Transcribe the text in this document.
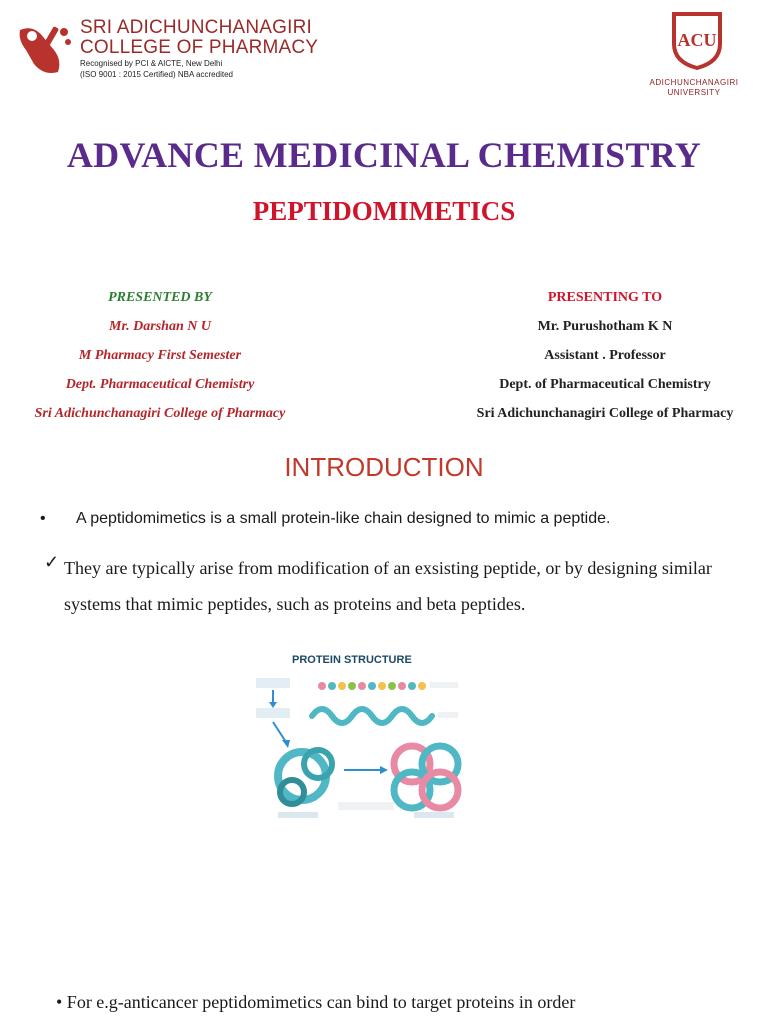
SRI ADICHUNCHANAGIRI
COLLEGE OF PHARMACY
Recognised by PCI & AICTE, New Delhi
(ISO 9001 : 2015 Certified) NBA accredited
ACU
ADICHUNCHANAGIRI
UNIVERSITY
ADVANCE MEDICINAL CHEMISTRY
PEPTIDOMIMETICS
PRESENTED BY
Mr. Darshan N U
M Pharmacy First Semester
Dept. Pharmaceutical Chemistry
Sri Adichunchanagiri College of Pharmacy
PRESENTING TO
Mr. Purushotham K N
Assistant . Professor
Dept. of Pharmaceutical Chemistry
Sri Adichunchanagiri College of Pharmacy
INTRODUCTION
• A peptidomimetics is a small protein-like chain designed to mimic a peptide.
✓ They are typically arise from modification of an exsisting peptide, or by designing similar systems that mimic peptides, such as proteins and beta peptides.
PROTEIN STRUCTURE
• For e.g-anticancer peptidomimetics can bind to target proteins in order
